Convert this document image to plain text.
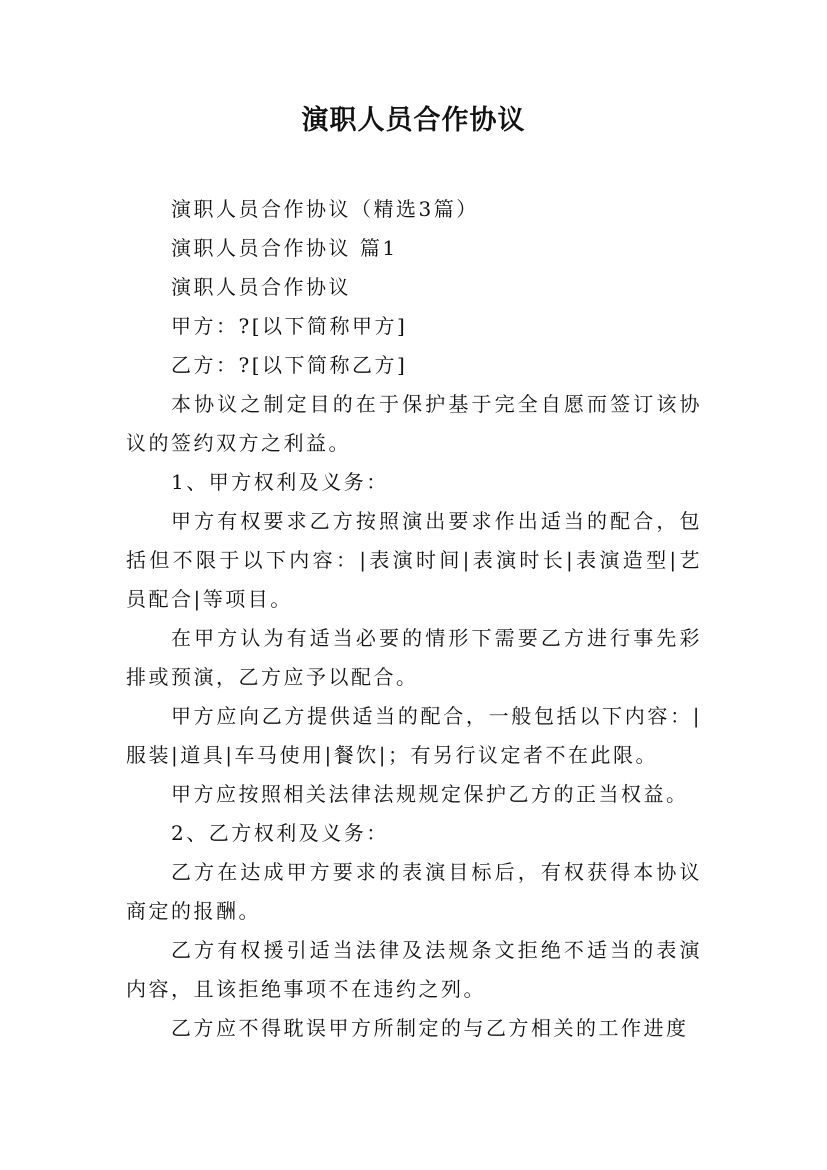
演职人员合作协议

演职人员合作协议（精选3篇）

演职人员合作协议 篇1

演职人员合作协议

甲方：?[以下简称甲方]

乙方：?[以下简称乙方]

本协议之制定目的在于保护基于完全自愿而签订该协议的签约双方之利益。

1、甲方权利及义务：

甲方有权要求乙方按照演出要求作出适当的配合，包括但不限于以下内容：|表演时间|表演时长|表演造型|艺员配合|等项目。

在甲方认为有适当必要的情形下需要乙方进行事先彩排或预演，乙方应予以配合。

甲方应向乙方提供适当的配合，一般包括以下内容：|服装|道具|车马使用|餐饮|；有另行议定者不在此限。

甲方应按照相关法律法规规定保护乙方的正当权益。

2、乙方权利及义务：

乙方在达成甲方要求的表演目标后，有权获得本协议商定的报酬。

乙方有权援引适当法律及法规条文拒绝不适当的表演内容，且该拒绝事项不在违约之列。

乙方应不得耽误甲方所制定的与乙方相关的工作进度
